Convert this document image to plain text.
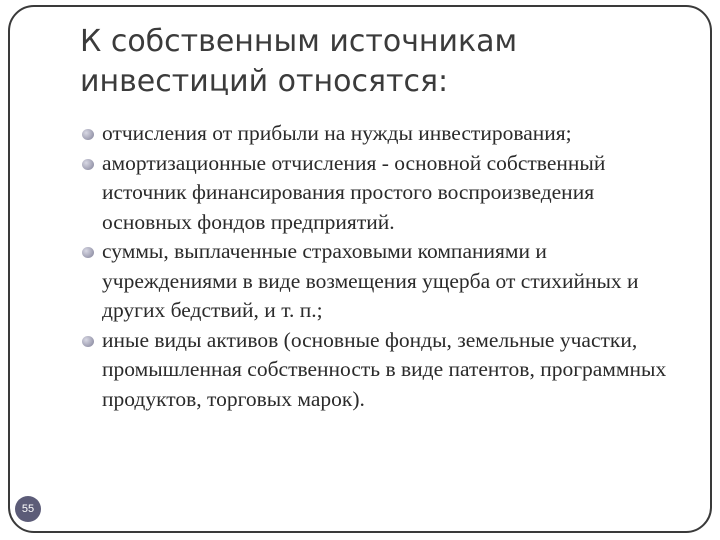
К собственным источникам
инвестиций относятся:
отчисления от прибыли на нужды инвестирования;
амортизационные отчисления - основной собственный источник финансирования простого воспроизведения основных фондов предприятий.
суммы, выплаченные страховыми компаниями и учреждениями в виде возмещения ущерба от стихийных и других бедствий, и т. п.;
иные виды активов (основные фонды, земельные участки, промышленная собственность в виде патентов, программных продуктов, торговых марок).
55
